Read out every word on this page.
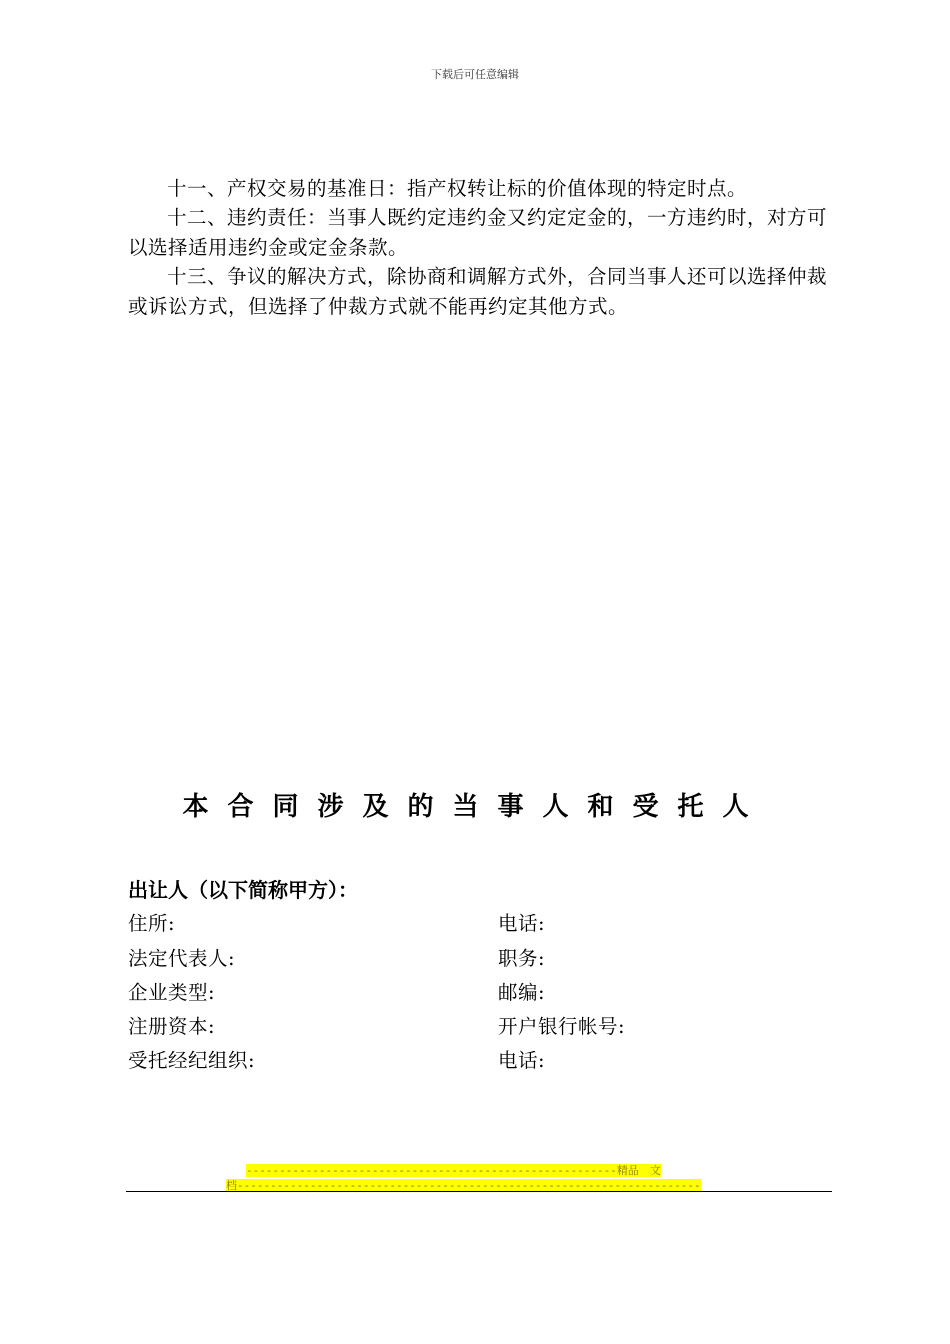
下载后可任意编辑

十一、产权交易的基准日：指产权转让标的价值体现的特定时点。

十二、违约责任：当事人既约定违约金又约定定金的，一方违约时，对方可以选择适用违约金或定金条款。

十三、争议的解决方式，除协商和调解方式外，合同当事人还可以选择仲裁或诉讼方式，但选择了仲裁方式就不能再约定其他方式。

本合同涉及的当事人和受托人
出让人（以下简称甲方）：
住所:
法定代表人:
企业类型:
注册资本:
受托经纪组织:
电话:
职务:
邮编:
开户银行帐号:
电话:
--------------------------------------------------------精品　文
档----------------------------------------------------------------------
